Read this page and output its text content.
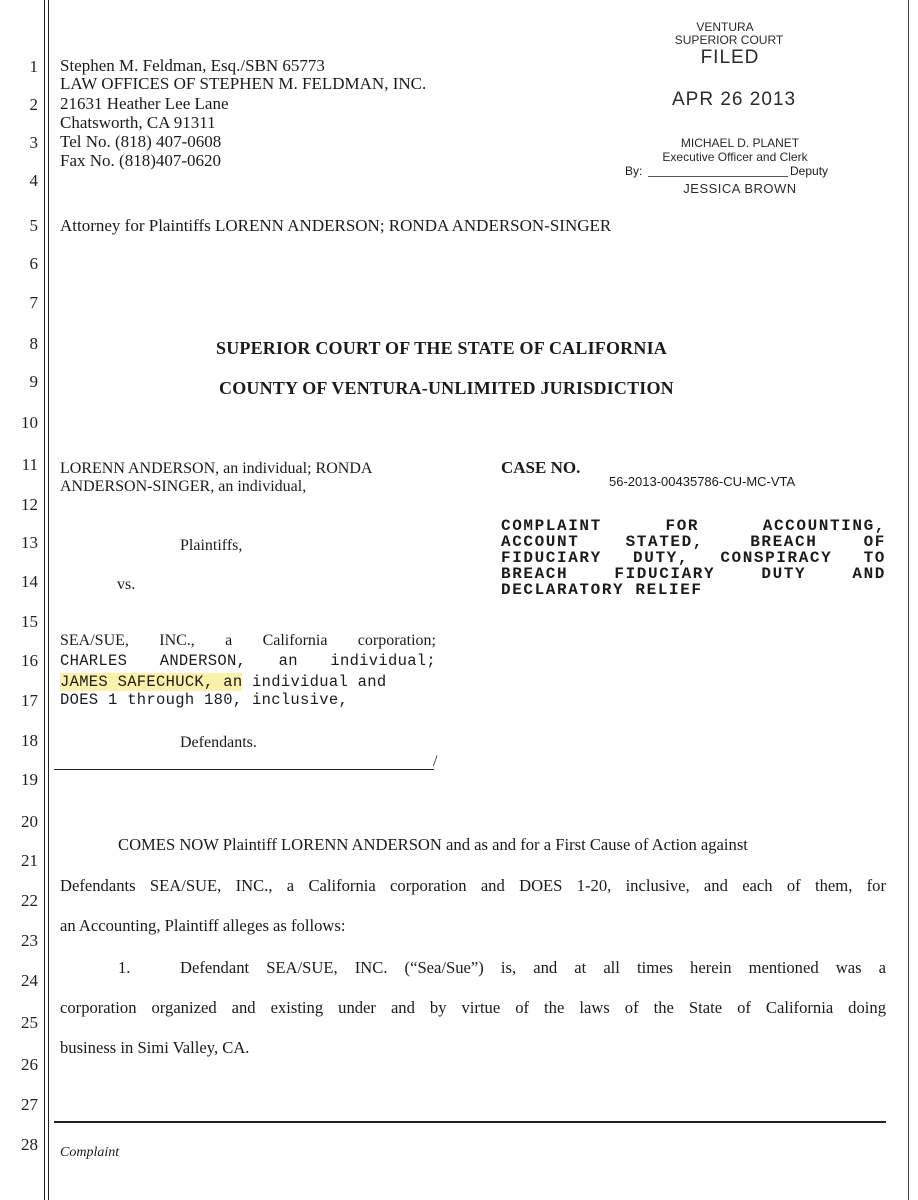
1
2
3
4
5
6
7
8
9
10
11
12
13
14
15
16
17
18
19
20
21
22
23
24
25
26
27
28
Stephen M. Feldman, Esq./SBN 65773
LAW OFFICES OF STEPHEN M. FELDMAN, INC.
21631 Heather Lee Lane
Chatsworth, CA 91311
Tel No. (818) 407-0608
Fax No. (818)407-0620
Attorney for Plaintiffs LORENN ANDERSON; RONDA ANDERSON-SINGER
VENTURA
SUPERIOR COURT
FILED
APR 26 2013
MICHAEL D. PLANET
Executive Officer and Clerk
By:	Deputy
JESSICA BROWN
SUPERIOR COURT OF THE STATE OF CALIFORNIA
COUNTY OF VENTURA-UNLIMITED JURISDICTION
LORENN ANDERSON, an individual; RONDA
ANDERSON-SINGER, an individual,
Plaintiffs,
vs.
SEA/SUE, INC., a California corporation;
CHARLES ANDERSON, an individual;
JAMES SAFECHUCK, an individual and
DOES 1 through 180, inclusive,
Defendants.
/
CASE NO.
56-2013-00435786-CU-MC-VTA
COMPLAINT FOR ACCOUNTING,
ACCOUNT STATED, BREACH OF
FIDUCIARY DUTY, CONSPIRACY TO
BREACH FIDUCIARY DUTY AND
DECLARATORY RELIEF
COMES NOW Plaintiff LORENN ANDERSON and as and for a First Cause of Action against
Defendants SEA/SUE, INC., a California corporation and DOES 1-20, inclusive, and each of them, for
an Accounting, Plaintiff alleges as follows:
1.	Defendant SEA/SUE, INC. (“Sea/Sue”) is, and at all times herein mentioned was a
corporation organized and existing under and by virtue of the laws of the State of California doing
business in Simi Valley, CA.
Complaint
